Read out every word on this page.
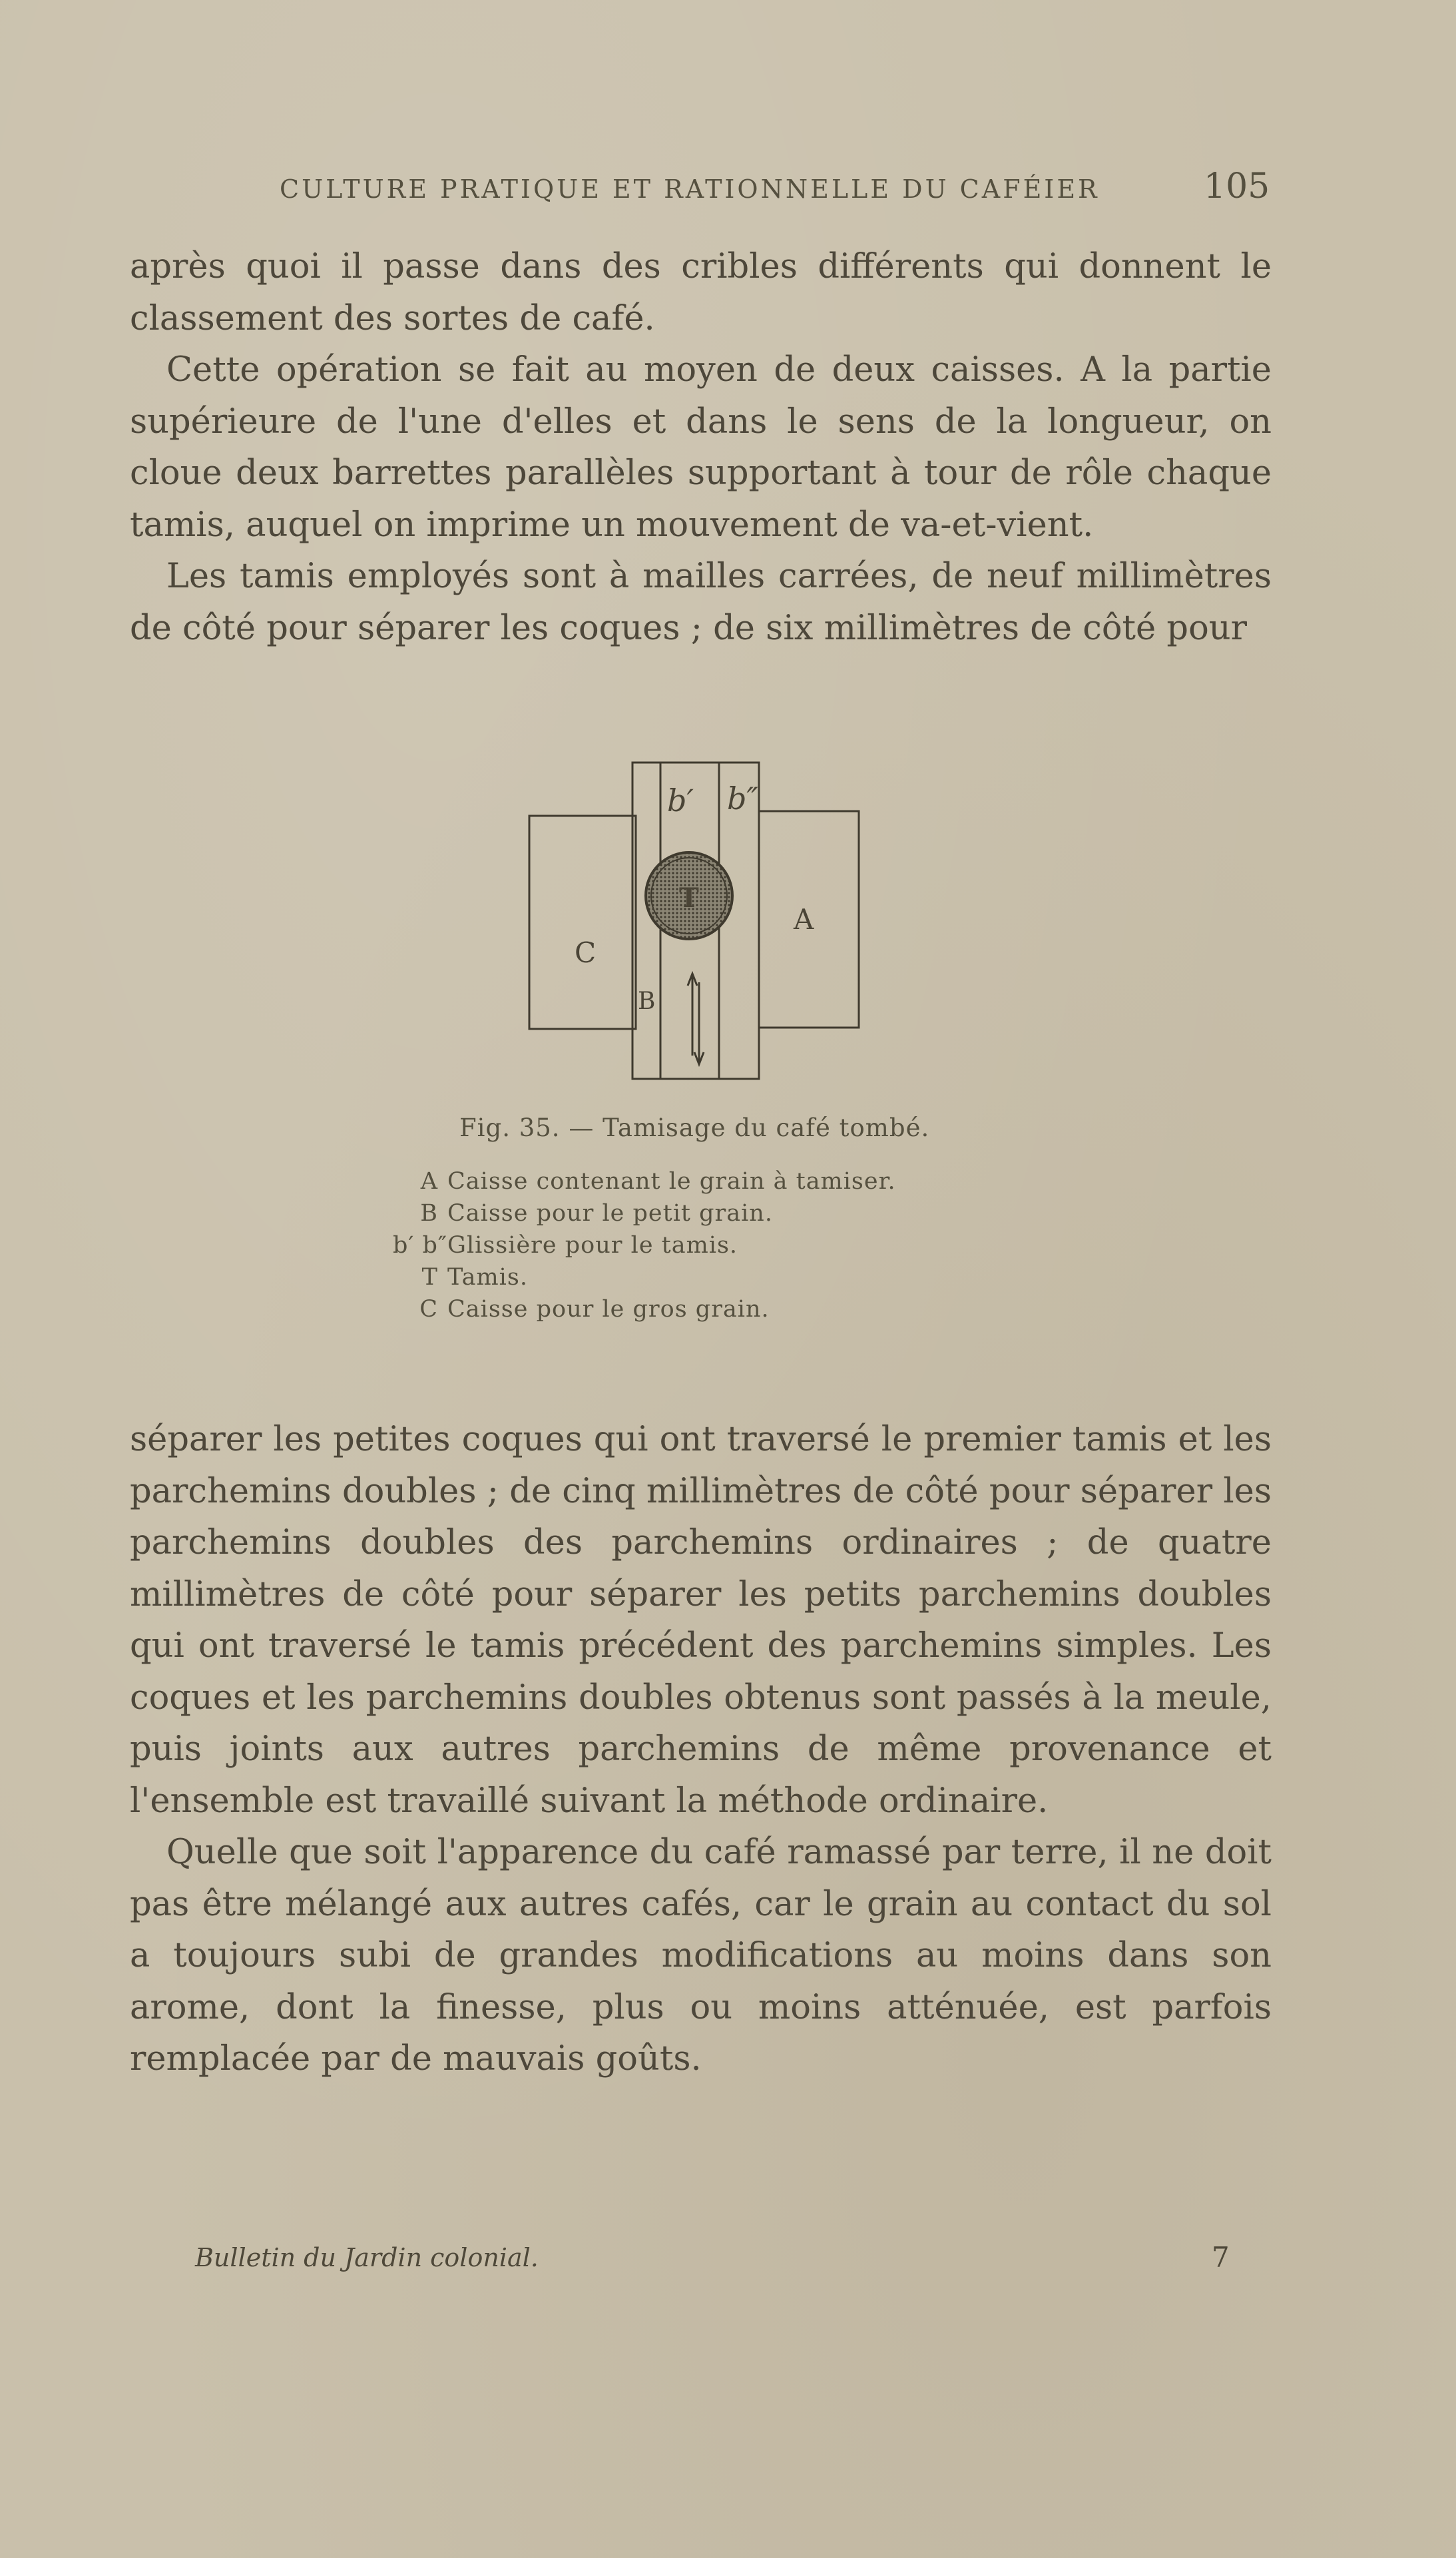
CULTURE PRATIQUE ET RATIONNELLE DU CAFÉIER	105

après quoi il passe dans des cribles différents qui donnent le classement des sortes de café.

Cette opération se fait au moyen de deux caisses. A la partie supérieure de l'une d'elles et dans le sens de la longueur, on cloue deux barrettes parallèles supportant à tour de rôle chaque tamis, auquel on imprime un mouvement de va-et-vient.

Les tamis employés sont à mailles carrées, de neuf millimètres de côté pour séparer les coques ; de six millimètres de côté pour

b′ b″
T
A
C
B
Fig. 35. — Tamisage du café tombé.
A Caisse contenant le grain à tamiser.
B Caisse pour le petit grain.
b′ b″ Glissière pour le tamis.
T Tamis.
C Caisse pour le gros grain.

séparer les petites coques qui ont traversé le premier tamis et les parchemins doubles ; de cinq millimètres de côté pour séparer les parchemins doubles des parchemins ordinaires ; de quatre millimètres de côté pour séparer les petits parchemins doubles qui ont traversé le tamis précédent des parchemins simples. Les coques et les parchemins doubles obtenus sont passés à la meule, puis joints aux autres parchemins de même provenance et l'ensemble est travaillé suivant la méthode ordinaire.

Quelle que soit l'apparence du café ramassé par terre, il ne doit pas être mélangé aux autres cafés, car le grain au contact du sol a toujours subi de grandes modifications au moins dans son arome, dont la finesse, plus ou moins atténuée, est parfois remplacée par de mauvais goûts.

Bulletin du Jardin colonial.	7
